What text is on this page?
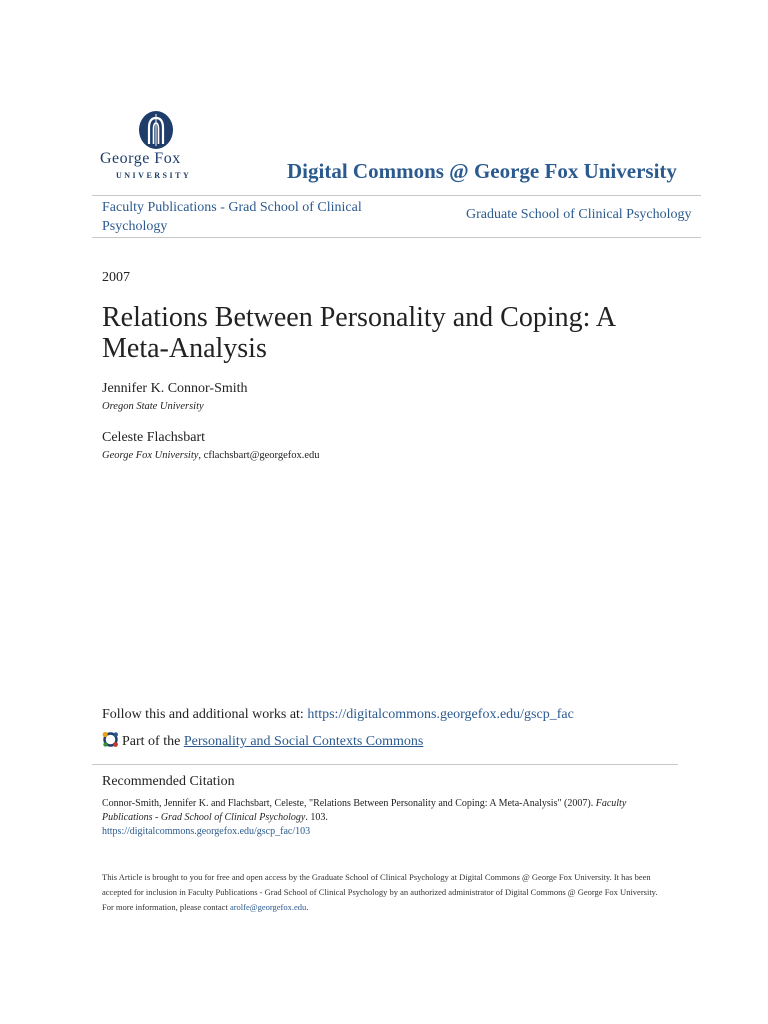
George Fox
UNIVERSITY	Digital Commons @ George Fox University
Faculty Publications - Grad School of Clinical Psychology
Graduate School of Clinical Psychology
2007
Relations Between Personality and Coping: A Meta-Analysis
Jennifer K. Connor-Smith
Oregon State University
Celeste Flachsbart
George Fox University, cflachsbart@georgefox.edu
Follow this and additional works at: https://digitalcommons.georgefox.edu/gscp_fac
Part of the Personality and Social Contexts Commons
Recommended Citation
Connor-Smith, Jennifer K. and Flachsbart, Celeste, "Relations Between Personality and Coping: A Meta-Analysis" (2007). Faculty Publications - Grad School of Clinical Psychology. 103.
https://digitalcommons.georgefox.edu/gscp_fac/103
This Article is brought to you for free and open access by the Graduate School of Clinical Psychology at Digital Commons @ George Fox University. It has been accepted for inclusion in Faculty Publications - Grad School of Clinical Psychology by an authorized administrator of Digital Commons @ George Fox University. For more information, please contact arolfe@georgefox.edu.
